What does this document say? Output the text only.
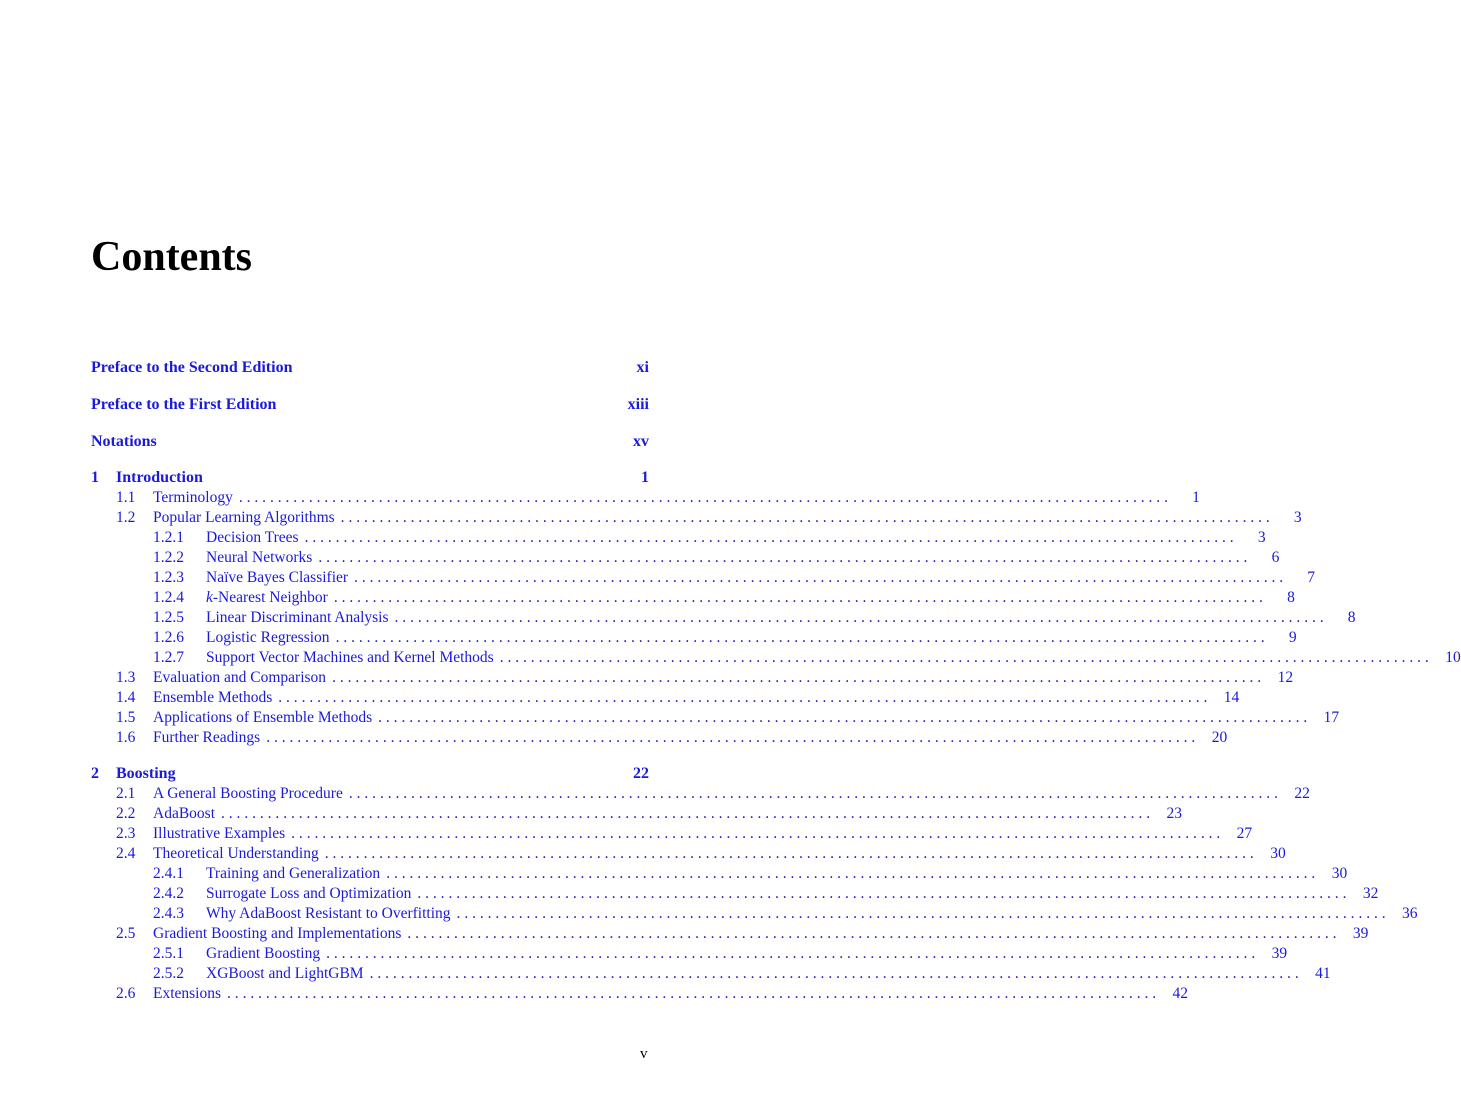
Contents
Preface to the Second Edition	xi
Preface to the First Edition	xiii
Notations	xv
1	Introduction	1
1.1	Terminology ........................................................................................................................	1
1.2	Popular Learning Algorithms ........................................................................................................................	3
1.2.1	Decision Trees ........................................................................................................................	3
1.2.2	Neural Networks ........................................................................................................................	6
1.2.3	Naïve Bayes Classifier ........................................................................................................................	7
1.2.4	k-Nearest Neighbor ........................................................................................................................	8
1.2.5	Linear Discriminant Analysis ........................................................................................................................	8
1.2.6	Logistic Regression ........................................................................................................................	9
1.2.7	Support Vector Machines and Kernel Methods ........................................................................................................................ 10
1.3	Evaluation and Comparison ........................................................................................................................ 12
1.4	Ensemble Methods ........................................................................................................................ 14
1.5	Applications of Ensemble Methods ........................................................................................................................ 17
1.6	Further Readings ........................................................................................................................ 20
2	Boosting	22
2.1	A General Boosting Procedure ........................................................................................................................ 22
2.2	AdaBoost ........................................................................................................................ 23
2.3	Illustrative Examples ........................................................................................................................ 27
2.4	Theoretical Understanding ........................................................................................................................ 30
2.4.1	Training and Generalization ........................................................................................................................ 30
2.4.2	Surrogate Loss and Optimization ........................................................................................................................ 32
2.4.3	Why AdaBoost Resistant to Overfitting ........................................................................................................................ 36
2.5	Gradient Boosting and Implementations ........................................................................................................................ 39
2.5.1	Gradient Boosting ........................................................................................................................ 39
2.5.2	XGBoost and LightGBM ........................................................................................................................ 41
2.6	Extensions ........................................................................................................................ 42
v
